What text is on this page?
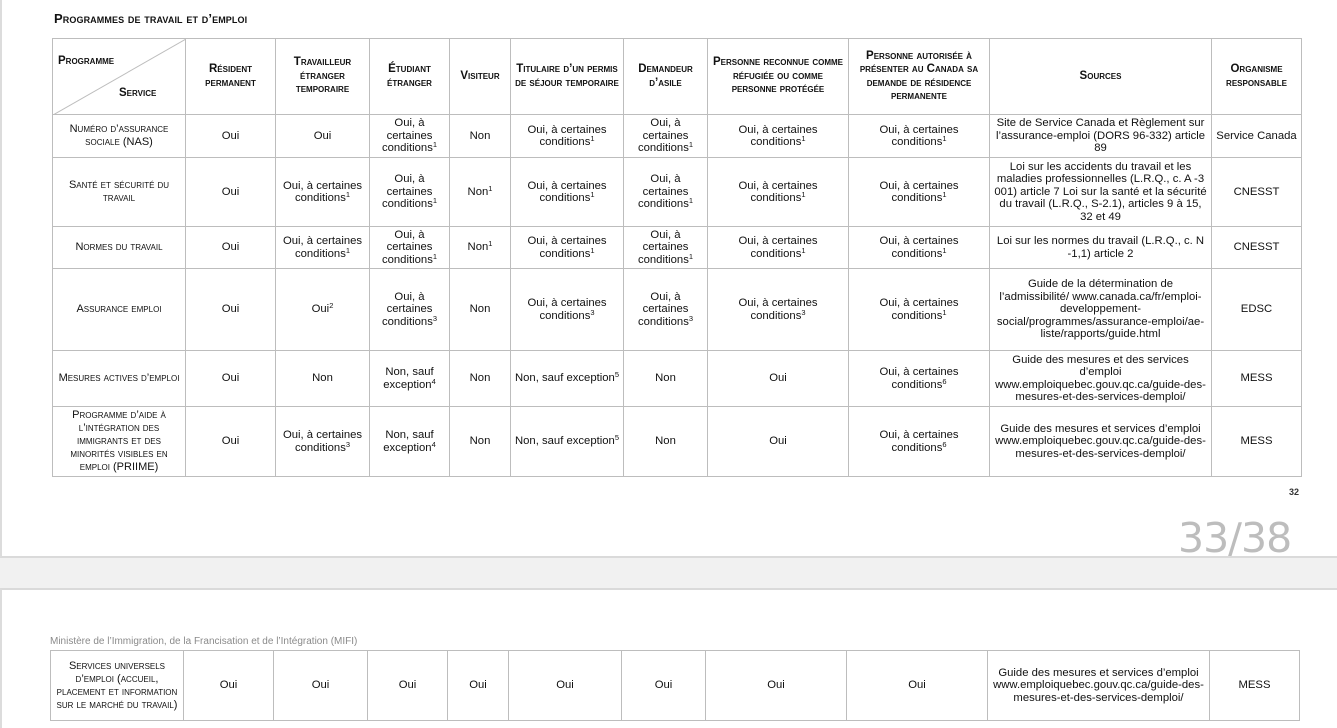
Programmes de travail et d’emploi
Programme
Service	Résident permanent	Travailleur étranger temporaire	Étudiant étranger	Visiteur	Titulaire d’un permis de séjour temporaire	Demandeur d’asile	Personne reconnue comme réfugiée ou comme personne protégée	Personne autorisée à présenter au Canada sa demande de résidence permanente	Sources	Organisme responsable
Numéro d’assurance sociale (NAS)	Oui	Oui	Oui, à certaines conditions$^1$	Non	Oui, à certaines conditions$^1$	Oui, à certaines conditions$^1$	Oui, à certaines conditions$^1$	Oui, à certaines conditions$^1$	Site de Service Canada et Règlement sur l’assurance-emploi (DORS 96-332) article 89	Service Canada
Santé et sécurité du travail	Oui	Oui, à certaines conditions$^1$	Oui, à certaines conditions$^1$	Non$^1$	Oui, à certaines conditions$^1$	Oui, à certaines conditions$^1$	Oui, à certaines conditions$^1$	Oui, à certaines conditions$^1$	Loi sur les accidents du travail et les maladies professionnelles (L.R.Q., c. A -3 001) article 7 Loi sur la santé et la sécurité du travail (L.R.Q., S-2.1), articles 9 à 15, 32 et 49	CNESST
Normes du travail	Oui	Oui, à certaines conditions$^1$	Oui, à certaines conditions$^1$	Non$^1$	Oui, à certaines conditions$^1$	Oui, à certaines conditions$^1$	Oui, à certaines conditions$^1$	Oui, à certaines conditions$^1$	Loi sur les normes du travail (L.R.Q., c. N -1,1) article 2	CNESST
Assurance emploi	Oui	Oui$^2$	Oui, à certaines conditions$^3$	Non	Oui, à certaines conditions$^3$	Oui, à certaines conditions$^3$	Oui, à certaines conditions$^3$	Oui, à certaines conditions$^1$	Guide de la détermination de l’admissibilité/ www.canada.ca/fr/emploi-developpement-social/programmes/assurance-emploi/ae-liste/rapports/guide.html	EDSC
Mesures actives d’emploi	Oui	Non	Non, sauf exception$^4$	Non	Non, sauf exception$^5$	Non	Oui	Oui, à certaines conditions$^6$	Guide des mesures et des services d’emploi www.emploiquebec.gouv.qc.ca/guide-des-mesures-et-des-services-demploi/	MESS
Programme d’aide à l’intégration des immigrants et des minorités visibles en emploi (PRIIME)	Oui	Oui, à certaines conditions$^3$	Non, sauf exception$^4$	Non	Non, sauf exception$^5$	Non	Oui	Oui, à certaines conditions$^6$	Guide des mesures et services d’emploi www.emploiquebec.gouv.qc.ca/guide-des-mesures-et-des-services-demploi/	MESS
32
33/38
Ministère de l’Immigration, de la Francisation et de l’Intégration (MIFI)
Services universels d’emploi (accueil, placement et information sur le marché du travail)	Oui	Oui	Oui	Oui	Oui	Oui	Oui	Oui	Guide des mesures et services d’emploi www.emploiquebec.gouv.qc.ca/guide-des-mesures-et-des-services-demploi/	MESS
